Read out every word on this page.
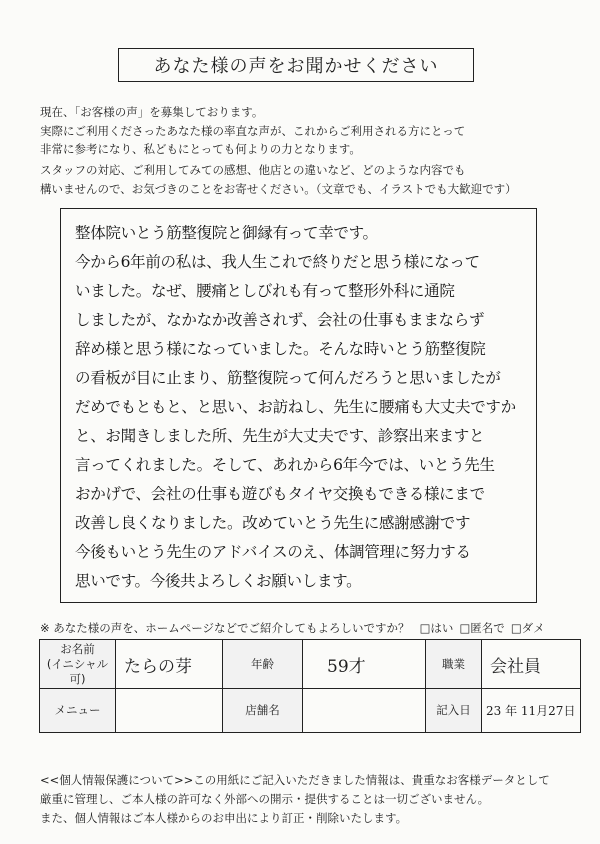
あなた様の声をお聞かせください

現在、「お客様の声」を募集しております。

実際にご利用くださったあなた様の率直な声が、これからご利用される方にとって

非常に参考になり、私どもにとっても何よりの力となります。

スタッフの対応、ご利用してみての感想、他店との違いなど、どのような内容でも

構いませんので、お気づきのことをお寄せください。（文章でも、イラストでも大歓迎です）

整体院いとう筋整復院と御縁有って幸です。
今から6年前の私は、我人生これで終りだと思う様になって
いました。なぜ、腰痛としびれも有って整形外科に通院
しましたが、なかなか改善されず、会社の仕事もままならず
辞め様と思う様になっていました。そんな時いとう筋整復院
の看板が目に止まり、筋整復院って何んだろうと思いましたが
だめでもともと、と思い、お訪ねし、先生に腰痛も大丈夫ですか
と、お聞きしました所、先生が大丈夫です、診察出来ますと
言ってくれました。そして、あれから6年今では、いとう先生
おかげで、会社の仕事も遊びもタイヤ交換もできる様にまで
改善し良くなりました。改めていとう先生に感謝感謝です
今後もいとう先生のアドバイスのえ、体調管理に努力する
思いです。今後共よろしくお願いします。
※ あなた様の声を、ホームページなどでご紹介してもよろしいですか？ □はい □匿名で □ダメ
お名前
(イニシャル可)	たらの芽	年齢	59才	職業	会社員
メニュー		店舗名		記入日	23 年 11月27日

<<個人情報保護について>>この用紙にご記入いただきました情報は、貴重なお客様データとして

厳重に管理し、ご本人様の許可なく外部への開示・提供することは一切ございません。

また、個人情報はご本人様からのお申出により訂正・削除いたします。
